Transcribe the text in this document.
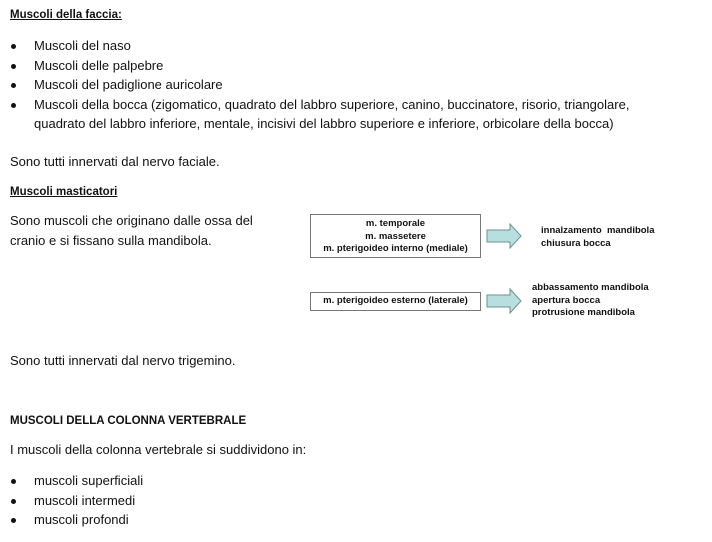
Muscoli della faccia:
Muscoli del naso
Muscoli delle palpebre
Muscoli del padiglione auricolare
Muscoli della bocca (zigomatico, quadrato del labbro superiore, canino, buccinatore, risorio, triangolare, quadrato del labbro inferiore, mentale, incisivi del labbro superiore e inferiore, orbicolare della bocca)
Sono tutti innervati dal nervo faciale.
Muscoli masticatori
Sono muscoli che originano dalle ossa del
cranio e si fissano sulla mandibola.
m. temporale
m. massetere
m. pterigoideo interno (mediale)
innalzamento  mandibola
chiusura bocca
m. pterigoideo esterno (laterale)
abbassamento mandibola
apertura bocca
protrusione mandibola
Sono tutti innervati dal nervo trigemino.
MUSCOLI DELLA COLONNA VERTEBRALE
I muscoli della colonna vertebrale si suddividono in:
muscoli superficiali
muscoli intermedi
muscoli profondi
